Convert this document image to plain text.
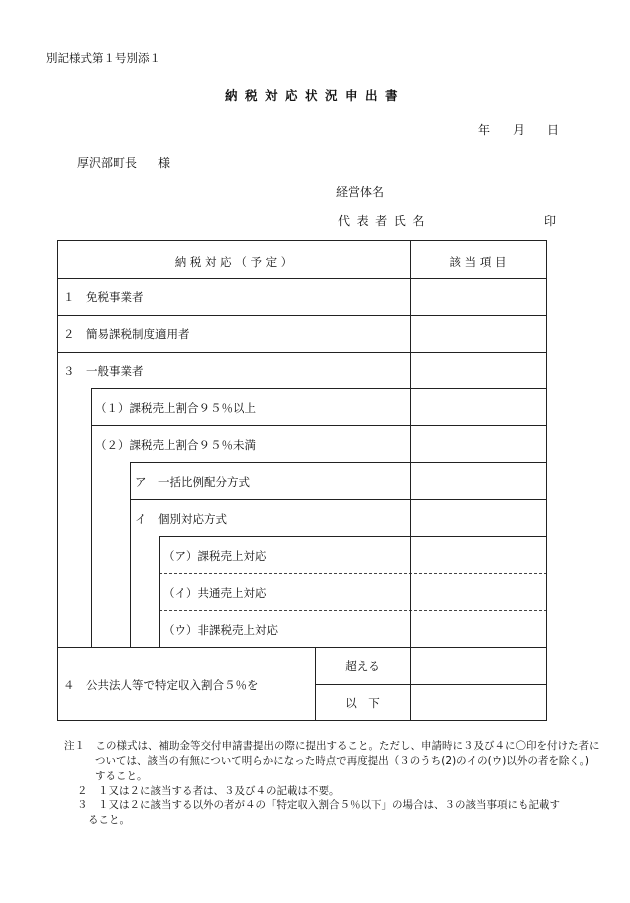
別記様式第１号別添１
納税対応状況申出書
年 月 日
厚沢部町長 様
経営体名
代表者氏名	印
納 税 対 応 （ 予 定 ）	該 当 項 目
１　免税事業者
２　簡易課税制度適用者
３　一般事業者
（１）課税売上割合９５％以上
（２）課税売上割合９５％未満
ア　一括比例配分方式
イ　個別対応方式
（ア）課税売上対応
（イ）共通売上対応
（ウ）非課税売上対応
４　公共法人等で特定収入割合５％を
超える
以　下
注１　この様式は、補助金等交付申請書提出の際に提出すること。ただし、申請時に３及び４に〇印を付けた者に
ついては、該当の有無について明らかになった時点で再度提出（３のうち(2)のイの(ウ)以外の者を除く。)
すること。
２　１又は２に該当する者は、３及び４の記載は不要。
３　１又は２に該当する以外の者が４の「特定収入割合５％以下」の場合は、３の該当事項にも記載す
ること。
